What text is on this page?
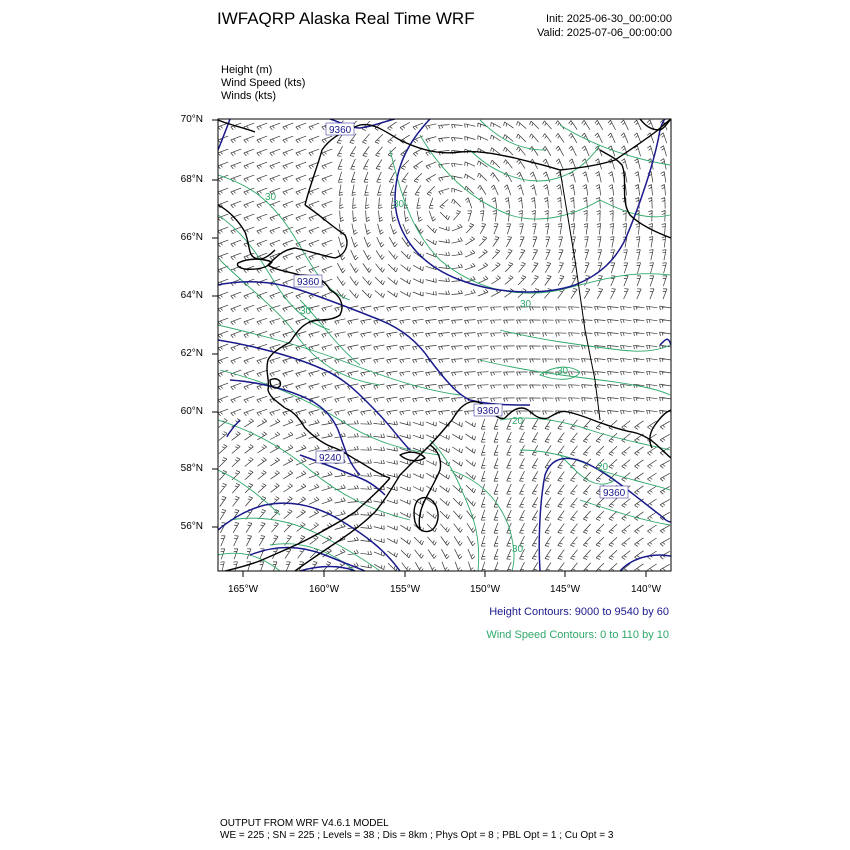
IWFAQRP Alaska Real Time WRF	Init: 2025-06-30_00:00:00
Valid: 2025-07-06_00:00:00
Height (m)
Wind Speed (kts)
Winds (kts)
9360
9360
9360
9240
9360
30
30
30
30
30
20
20
30
70°N
68°N
66°N
64°N
62°N
60°N
58°N
56°N
165°W	160°W	155°W	150°W	145°W	140°W
Height Contours: 9000 to 9540 by 60
Wind Speed Contours: 0 to 110 by 10
OUTPUT FROM WRF V4.6.1 MODEL
WE = 225 ; SN = 225 ; Levels = 38 ; Dis = 8km ; Phys Opt = 8 ; PBL Opt = 1 ; Cu Opt = 3
